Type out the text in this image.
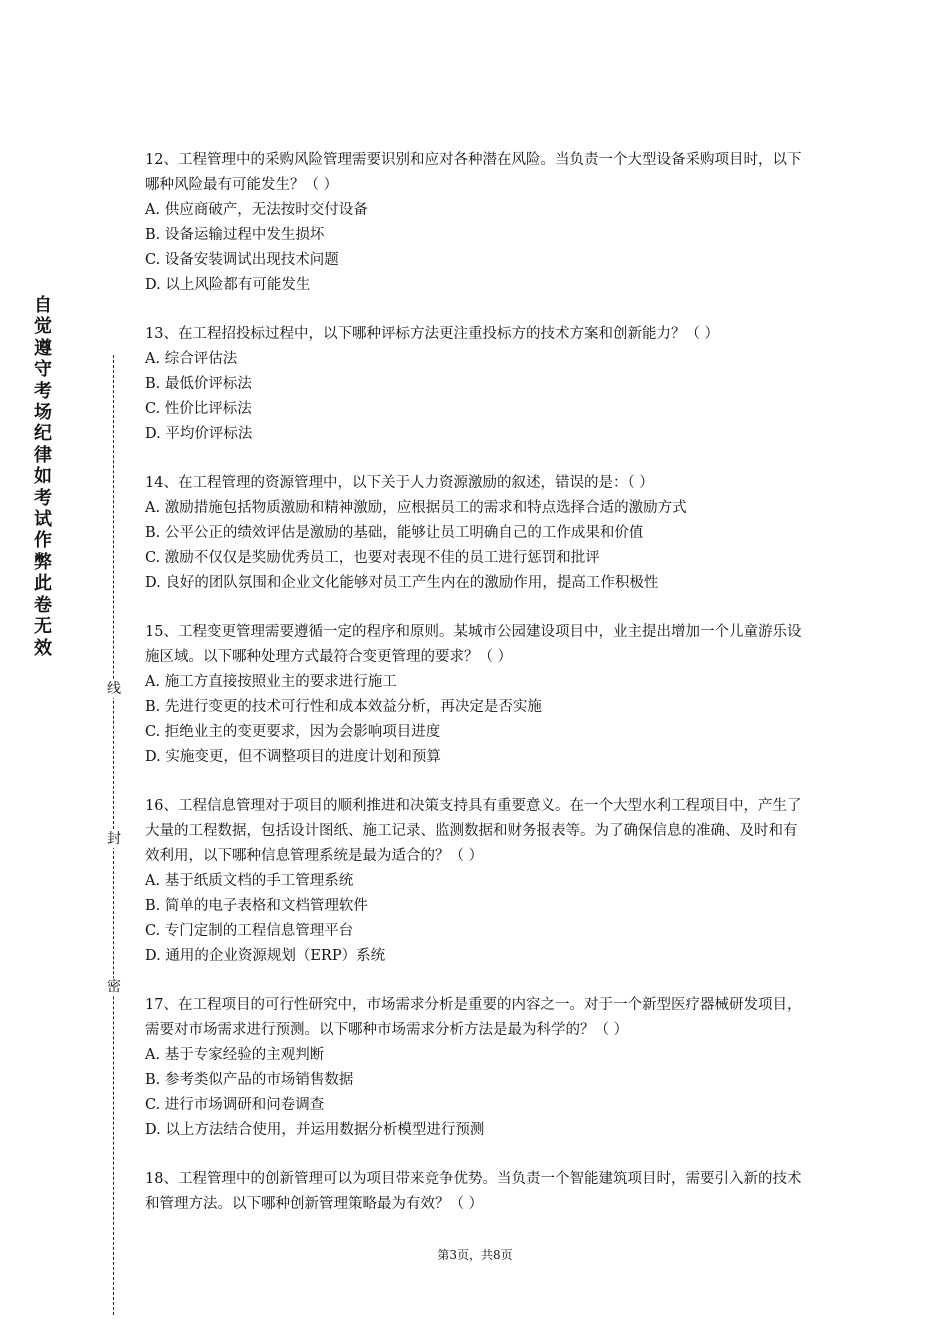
自觉遵守考场纪律如考试作弊此卷无效
线
封
密

12、工程管理中的采购风险管理需要识别和应对各种潜在风险。当负责一个大型设备采购项目时，以下哪种风险最有可能发生？（ ）

A. 供应商破产，无法按时交付设备

B. 设备运输过程中发生损坏

C. 设备安装调试出现技术问题

D. 以上风险都有可能发生

13、在工程招投标过程中，以下哪种评标方法更注重投标方的技术方案和创新能力？（ ）

A. 综合评估法

B. 最低价评标法

C. 性价比评标法

D. 平均价评标法

14、在工程管理的资源管理中，以下关于人力资源激励的叙述，错误的是：（ ）

A. 激励措施包括物质激励和精神激励，应根据员工的需求和特点选择合适的激励方式

B. 公平公正的绩效评估是激励的基础，能够让员工明确自己的工作成果和价值

C. 激励不仅仅是奖励优秀员工，也要对表现不佳的员工进行惩罚和批评

D. 良好的团队氛围和企业文化能够对员工产生内在的激励作用，提高工作积极性

15、工程变更管理需要遵循一定的程序和原则。某城市公园建设项目中，业主提出增加一个儿童游乐设施区域。以下哪种处理方式最符合变更管理的要求？（ ）

A. 施工方直接按照业主的要求进行施工

B. 先进行变更的技术可行性和成本效益分析，再决定是否实施

C. 拒绝业主的变更要求，因为会影响项目进度

D. 实施变更，但不调整项目的进度计划和预算

16、工程信息管理对于项目的顺利推进和决策支持具有重要意义。在一个大型水利工程项目中，产生了大量的工程数据，包括设计图纸、施工记录、监测数据和财务报表等。为了确保信息的准确、及时和有效利用，以下哪种信息管理系统是最为适合的？（ ）

A. 基于纸质文档的手工管理系统

B. 简单的电子表格和文档管理软件

C. 专门定制的工程信息管理平台

D. 通用的企业资源规划（ERP）系统

17、在工程项目的可行性研究中，市场需求分析是重要的内容之一。对于一个新型医疗器械研发项目，需要对市场需求进行预测。以下哪种市场需求分析方法是最为科学的？（ ）

A. 基于专家经验的主观判断

B. 参考类似产品的市场销售数据

C. 进行市场调研和问卷调查

D. 以上方法结合使用，并运用数据分析模型进行预测

18、工程管理中的创新管理可以为项目带来竞争优势。当负责一个智能建筑项目时，需要引入新的技术和管理方法。以下哪种创新管理策略最为有效？（ ）

第3页，共8页
